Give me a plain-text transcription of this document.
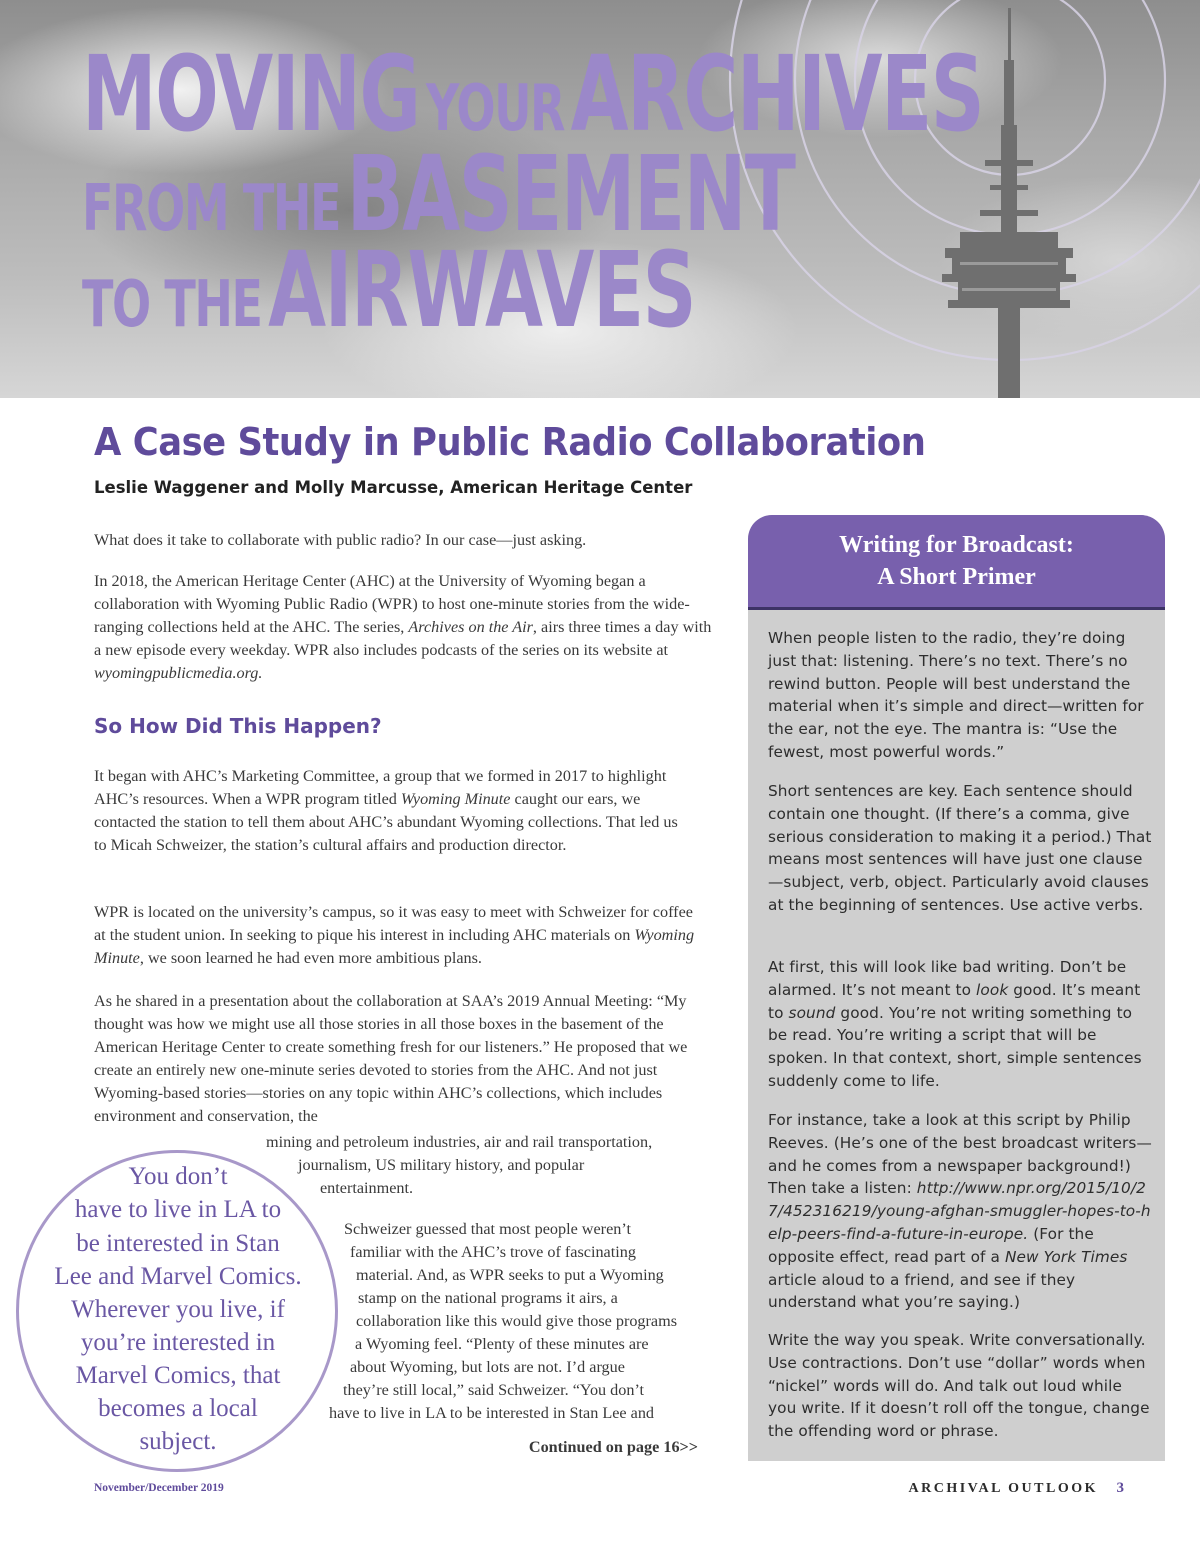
MOVING YOUR ARCHIVES
FROM THE BASEMENT
TO THE AIRWAVES
A Case Study in Public Radio Collaboration

Leslie Waggener and Molly Marcusse, American Heritage Center

What does it take to collaborate with public radio? In our case—just asking.

In 2018, the American Heritage Center (AHC) at the University of Wyoming began a collaboration with Wyoming Public Radio (WPR) to host one-minute stories from the wide-ranging collections held at the AHC. The series, Archives on the Air, airs three times a day with a new episode every weekday. WPR also includes podcasts of the series on its website at wyomingpublicmedia.org.

So How Did This Happen?

It began with AHC’s Marketing Committee, a group that we formed in 2017 to highlight AHC’s resources. When a WPR program titled Wyoming Minute caught our ears, we contacted the station to tell them about AHC’s abundant Wyoming collections. That led us to Micah Schweizer, the station’s cultural affairs and production director.

WPR is located on the university’s campus, so it was easy to meet with Schweizer for coffee at the student union. In seeking to pique his interest in including AHC materials on Wyoming Minute, we soon learned he had even more ambitious plans.

As he shared in a presentation about the collaboration at SAA’s 2019 Annual Meeting: “My thought was how we might use all those stories in all those boxes in the basement of the American Heritage Center to create something fresh for our listeners.” He proposed that we create an entirely new one-minute series devoted to stories from the AHC. And not just Wyoming-based stories—stories on any topic within AHC’s collections, which includes environment and conservation, the

mining and petroleum industries, air and rail transportation,
journalism, US military history, and popular
entertainment.
Schweizer guessed that most people weren’t
familiar with the AHC’s trove of fascinating
material. And, as WPR seeks to put a Wyoming
stamp on the national programs it airs, a
collaboration like this would give those programs
a Wyoming feel. “Plenty of these minutes are
about Wyoming, but lots are not. I’d argue
they’re still local,” said Schweizer. “You don’t
have to live in LA to be interested in Stan Lee and

Continued on page 16>>

You don’t
have to live in LA to
be interested in Stan
Lee and Marvel Comics.
Wherever you live, if
you’re interested in
Marvel Comics, that
becomes a local
subject.
Writing for Broadcast:
A Short Primer

When people listen to the radio, they’re doing just that: listening. There’s no text. There’s no rewind button. People will best understand the material when it’s simple and direct—written for the ear, not the eye. The mantra is: “Use the fewest, most powerful words.”

Short sentences are key. Each sentence should contain one thought. (If there’s a comma, give serious consideration to making it a period.) That means most sentences will have just one clause—subject, verb, object. Particularly avoid clauses at the beginning of sentences. Use active verbs.

At first, this will look like bad writing. Don’t be alarmed. It’s not meant to look good. It’s meant to sound good. You’re not writing something to be read. You’re writing a script that will be spoken. In that context, short, simple sentences suddenly come to life.

For instance, take a look at this script by Philip Reeves. (He’s one of the best broadcast writers—and he comes from a newspaper background!) Then take a listen: http://www.npr.org/2015/10/27/452316219/young-afghan-smuggler-hopes-to-help-peers-find-a-future-in-europe. (For the opposite effect, read part of a New York Times article aloud to a friend, and see if they understand what you’re saying.)

Write the way you speak. Write conversationally. Use contractions. Don’t use “dollar” words when “nickel” words will do. And talk out loud while you write. If it doesn’t roll off the tongue, change the offending word or phrase.

November/December 2019	ARCHIVAL OUTLOOK 3
